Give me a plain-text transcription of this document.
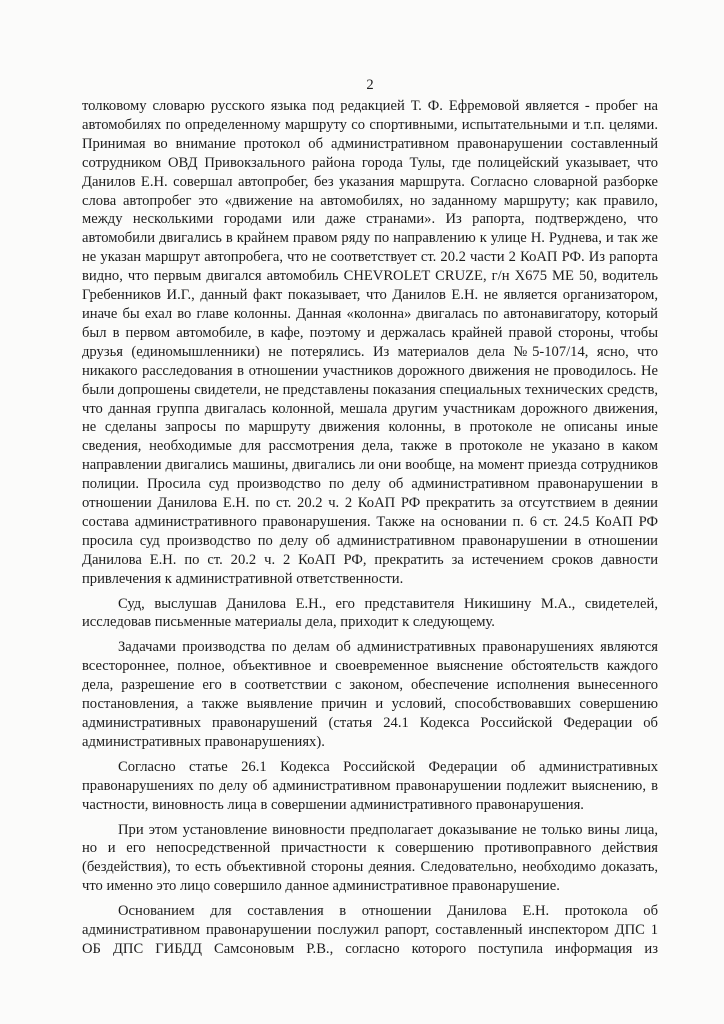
2

толковому словарю русского языка под редакцией Т. Ф. Ефремовой является - пробег на автомобилях по определенному маршруту со спортивными, испытательными и т.п. целями. Принимая во внимание протокол об административном правонарушении составленный сотрудником ОВД Привокзального района города Тулы, где полицейский указывает, что Данилов Е.Н. совершал автопробег, без указания маршрута. Согласно словарной разборке слова автопробег это «движение на автомобилях, но заданному маршруту; как правило, между несколькими городами или даже странами». Из рапорта, подтверждено, что автомобили двигались в крайнем правом ряду по направлению к улице Н. Руднева, и так же не указан маршрут автопробега, что не соответствует ст. 20.2 части 2 КоАП РФ. Из рапорта видно, что первым двигался автомобиль CHEVROLET CRUZE, г/н Х675 МЕ 50, водитель Гребенников И.Г., данный факт показывает, что Данилов Е.Н. не является организатором, иначе бы ехал во главе колонны. Данная «колонна» двигалась по автонавигатору, который был в первом автомобиле, в кафе, поэтому и держалась крайней правой стороны, чтобы друзья (единомышленники) не потерялись. Из материалов дела №5-107/14, ясно, что никакого расследования в отношении участников дорожного движения не проводилось. Не были допрошены свидетели, не представлены показания специальных технических средств, что данная группа двигалась колонной, мешала другим участникам дорожного движения, не сделаны запросы по маршруту движения колонны, в протоколе не описаны иные сведения, необходимые для рассмотрения дела, также в протоколе не указано в каком направлении двигались машины, двигались ли они вообще, на момент приезда сотрудников полиции. Просила суд производство по делу об административном правонарушении в отношении Данилова Е.Н. по ст. 20.2 ч. 2 КоАП РФ прекратить за отсутствием в деянии состава административного правонарушения. Также на основании п. 6 ст. 24.5 КоАП РФ просила суд производство по делу об административном правонарушении в отношении Данилова Е.Н. по ст. 20.2 ч. 2 КоАП РФ, прекратить за истечением сроков давности привлечения к административной ответственности.

Суд, выслушав Данилова Е.Н., его представителя Никишину М.А., свидетелей, исследовав письменные материалы дела, приходит к следующему.

Задачами производства по делам об административных правонарушениях являются всестороннее, полное, объективное и своевременное выяснение обстоятельств каждого дела, разрешение его в соответствии с законом, обеспечение исполнения вынесенного постановления, а также выявление причин и условий, способствовавших совершению административных правонарушений (статья 24.1 Кодекса Российской Федерации об административных правонарушениях).

Согласно статье 26.1 Кодекса Российской Федерации об административных правонарушениях по делу об административном правонарушении подлежит выяснению, в частности, виновность лица в совершении административного правонарушения.

При этом установление виновности предполагает доказывание не только вины лица, но и его непосредственной причастности к совершению противоправного действия (бездействия), то есть объективной стороны деяния. Следовательно, необходимо доказать, что именно это лицо совершило данное административное правонарушение.

Основанием для составления в отношении Данилова Е.Н. протокола об административном правонарушении послужил рапорт, составленный инспектором ДПС 1 ОБ ДПС ГИБДД Самсоновым Р.В., согласно которого поступила информация из
